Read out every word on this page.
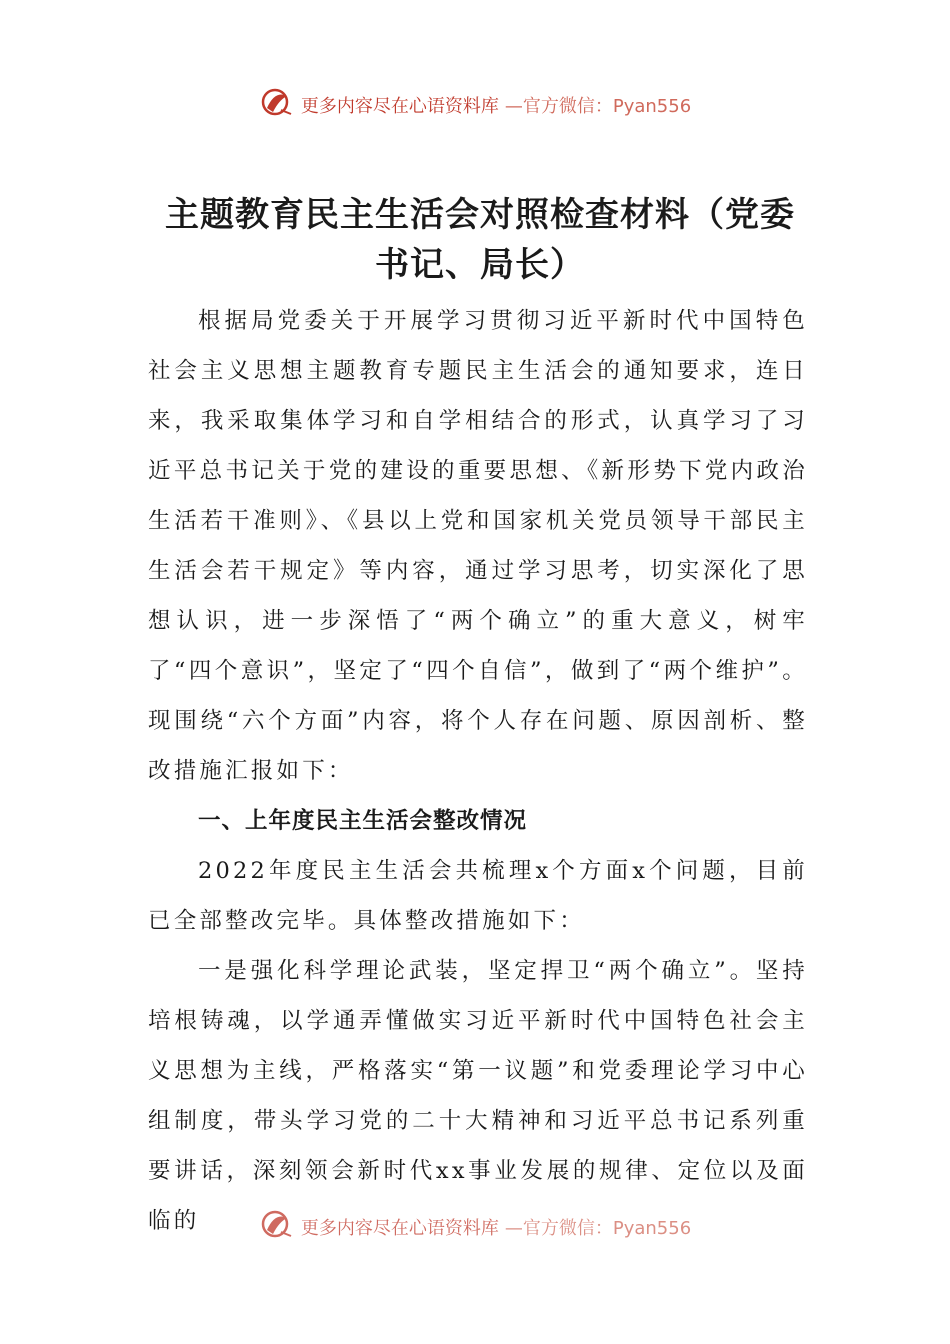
更多内容尽在心语资料库 —官方微信：Pyan556
主题教育民主生活会对照检查材料（党委书记、局长）

根据局党委关于开展学习贯彻习近平新时代中国特色社会主义思想主题教育专题民主生活会的通知要求，连日来，我采取集体学习和自学相结合的形式，认真学习了习近平总书记关于党的建设的重要思想、《新形势下党内政治生活若干准则》、《县以上党和国家机关党员领导干部民主生活会若干规定》等内容，通过学习思考，切实深化了思想认识，进一步深悟了“两个确立”的重大意义，树牢了“四个意识”，坚定了“四个自信”，做到了“两个维护”。现围绕“六个方面”内容，将个人存在问题、原因剖析、整改措施汇报如下：

一、上年度民主生活会整改情况

2022年度民主生活会共梳理x个方面x个问题，目前已全部整改完毕。具体整改措施如下：

一是强化科学理论武装，坚定捍卫“两个确立”。坚持培根铸魂，以学通弄懂做实习近平新时代中国特色社会主义思想为主线，严格落实“第一议题”和党委理论学习中心组制度，带头学习党的二十大精神和习近平总书记系列重要讲话，深刻领会新时代xx事业发展的规律、定位以及面临的	更多内容尽在心语资料库 —官方微信：Pyan556
